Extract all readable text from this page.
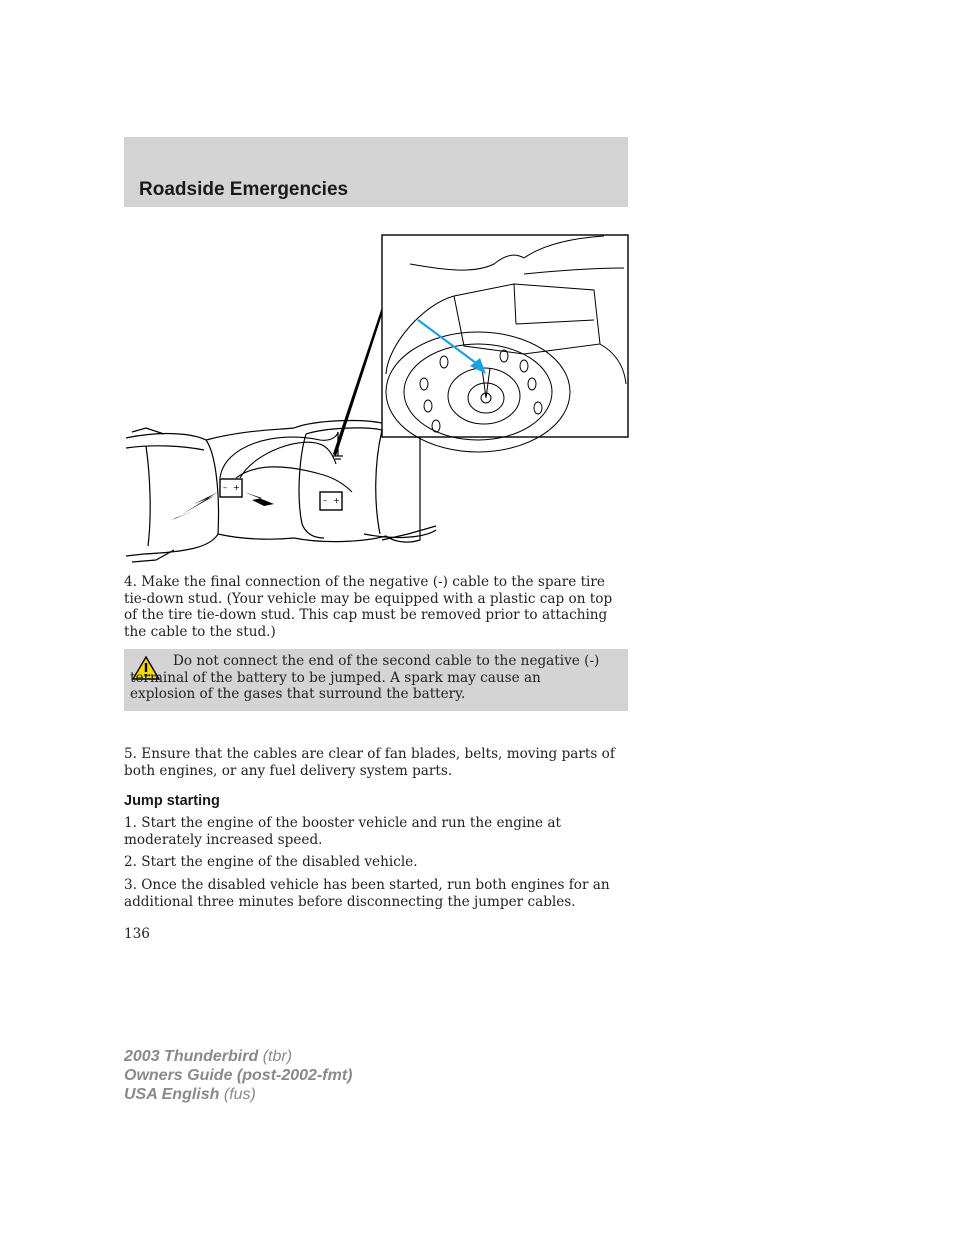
Roadside Emergencies
– +
– +

4. Make the final connection of the negative (-) cable to the spare tire tie-down stud. (Your vehicle may be equipped with a plastic cap on top of the tire tie-down stud. This cap must be removed prior to attaching the cable to the stud.)

Do not connect the end of the second cable to the negative (-) terminal of the battery to be jumped. A spark may cause an explosion of the gases that surround the battery.

5. Ensure that the cables are clear of fan blades, belts, moving parts of both engines, or any fuel delivery system parts.

Jump starting

1. Start the engine of the booster vehicle and run the engine at moderately increased speed.

2. Start the engine of the disabled vehicle.

3. Once the disabled vehicle has been started, run both engines for an additional three minutes before disconnecting the jumper cables.

136
2003 Thunderbird (tbr)
Owners Guide (post-2002-fmt)
USA English (fus)
